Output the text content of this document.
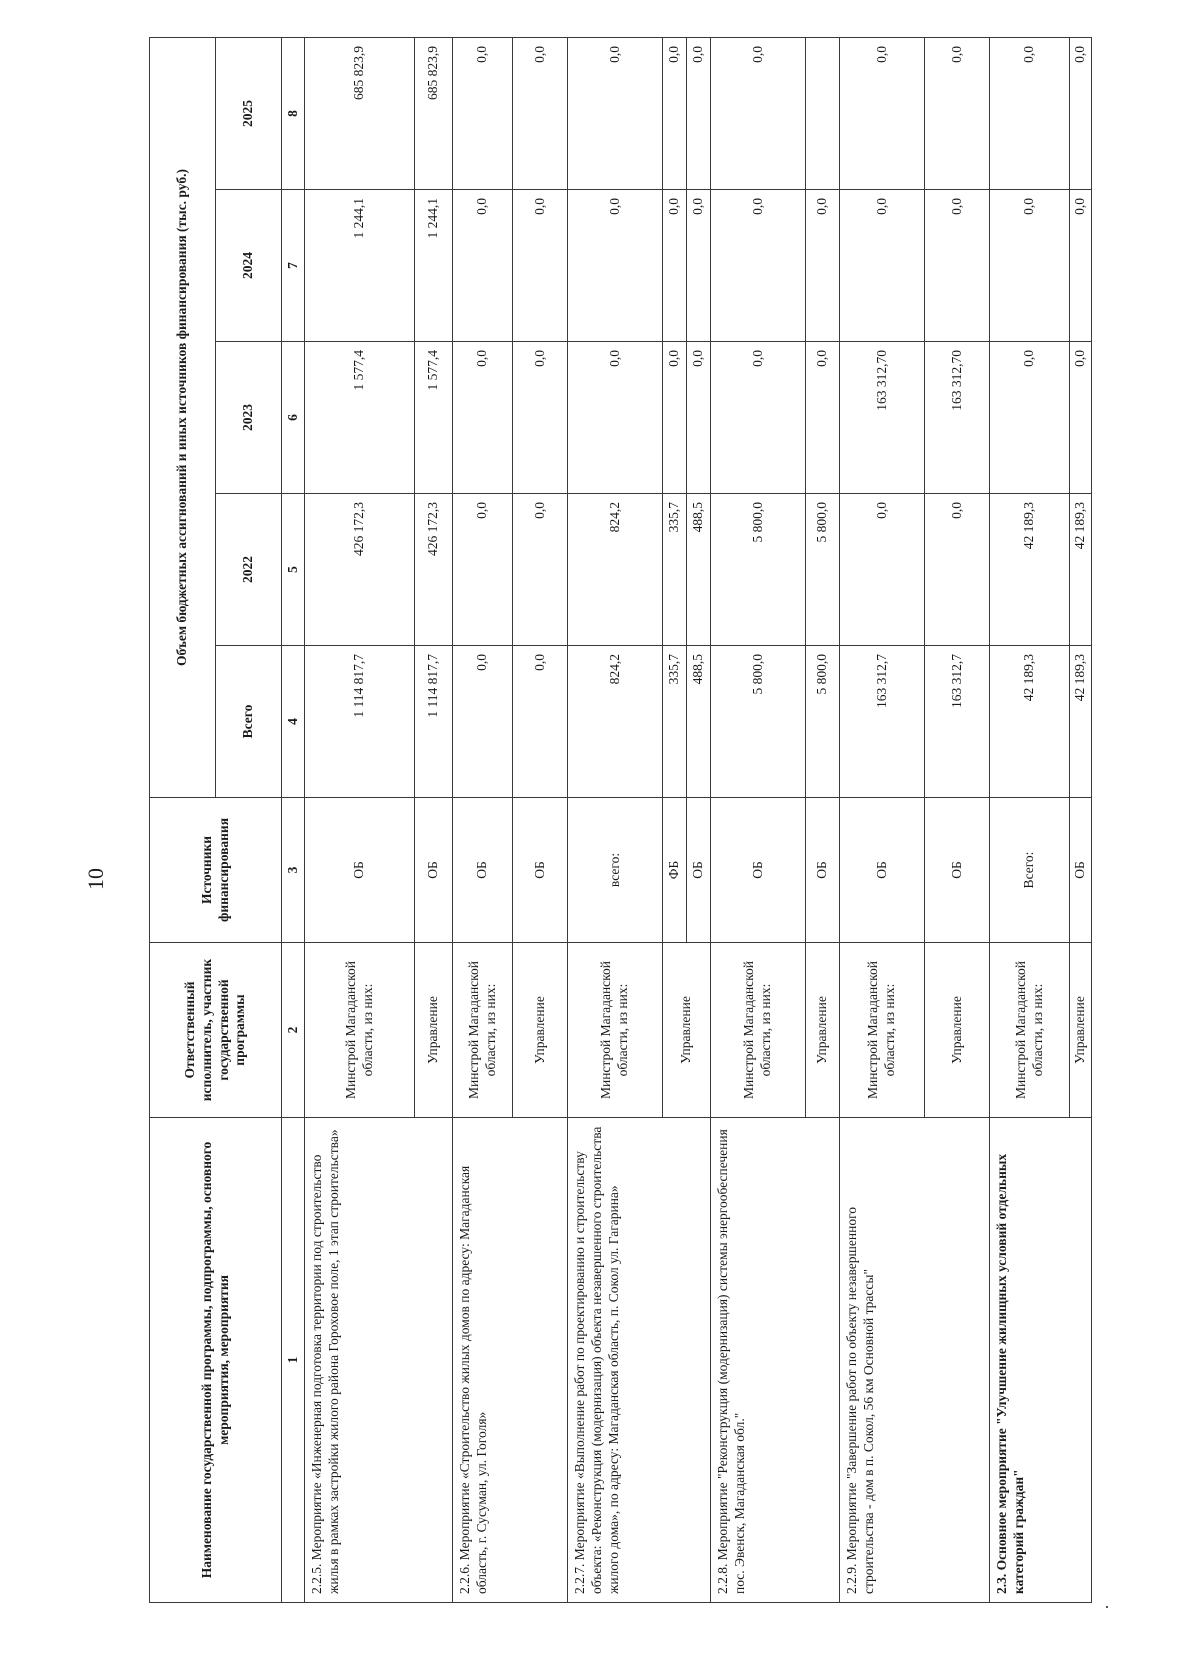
10
Наименование государственной программы, подпрограммы, основного мероприятия, мероприятия	Ответственный исполнитель, участник государственной программы	Источники финансирования	Объем бюджетных ассигнований и иных источников финансирования (тыс. руб.)				
			Всего	2022	2023	2024	2025
1	2	3	4	5	6	7	8
2.2.5. Мероприятие «Инженерная подготовка территории под строительство жилья в рамках застройки жилого района Гороховое поле, 1 этап строительства»	Минстрой Магаданской области, из них:	ОБ	1 114 817,7	426 172,3	1 577,4	1 244,1	685 823,9
	Управление	ОБ	1 114 817,7	426 172,3	1 577,4	1 244,1	685 823,9
2.2.6. Мероприятие «Строительство жилых домов по адресу: Магаданская область, г. Сусуман, ул. Гоголя»	Минстрой Магаданской области, из них:	ОБ	0,0	0,0	0,0	0,0	0,0
	Управление	ОБ	0,0	0,0	0,0	0,0	0,0
2.2.7. Мероприятие «Выполнение работ по проектированию и строительству объекта: «Реконструкция (модернизация) объекта незавершенного строительства жилого дома», по адресу: Магаданская область, п. Сокол ул. Гагарина»	Минстрой Магаданской области, из них:	всего:	824,2	824,2	0,0	0,0	0,0
	Управление	ФБ	335,7	335,7	0,0	0,0	0,0
		ОБ	488,5	488,5	0,0	0,0	0,0
2.2.8. Мероприятие "Реконструкция (модернизация) системы энергообеспечения пос. Эвенск, Магаданская обл."	Минстрой Магаданской области, из них:	ОБ	5 800,0	5 800,0	0,0	0,0	0,0
	Управление	ОБ	5 800,0	5 800,0	0,0	0,0	
2.2.9. Мероприятие "Завершение работ по объекту незавершенного строительства - дом в п. Сокол, 56 км Основной трассы"	Минстрой Магаданской области, из них:	ОБ	163 312,7	0,0	163 312,70	0,0	0,0
	Управление	ОБ	163 312,7	0,0	163 312,70	0,0	0,0
2.3. Основное мероприятие "Улучшение жилищных условий отдельных категорий граждан"	Минстрой Магаданской области, из них:	Всего:	42 189,3	42 189,3	0,0	0,0	0,0
	Управление	ОБ	42 189,3	42 189,3	0,0	0,0	0,0
